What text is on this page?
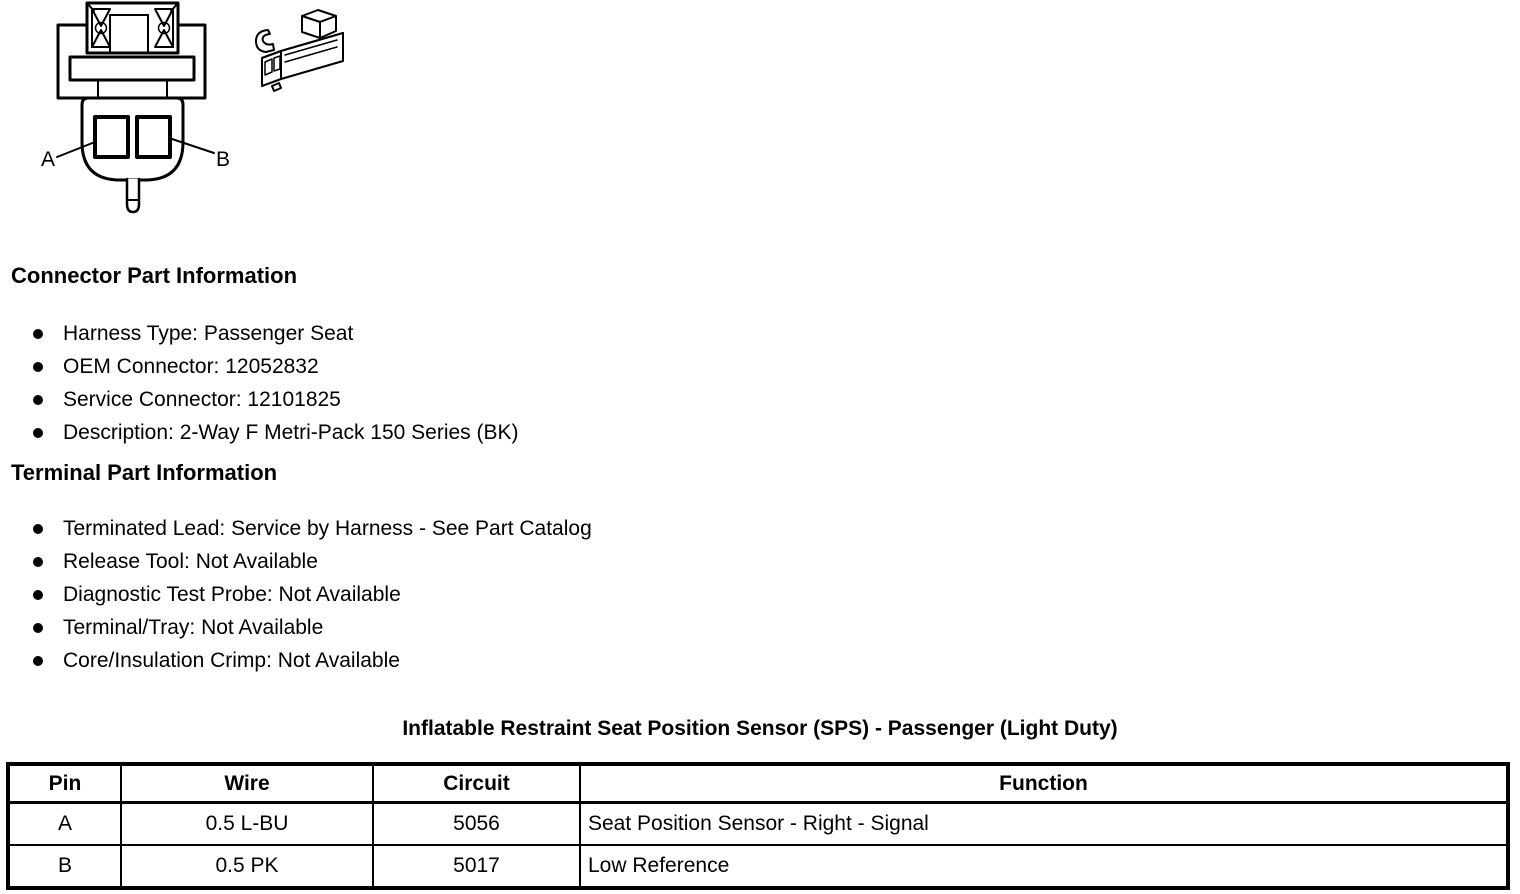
A	B
Connector Part Information
Harness Type: Passenger Seat
OEM Connector: 12052832
Service Connector: 12101825
Description: 2-Way F Metri-Pack 150 Series (BK)
Terminal Part Information
Terminated Lead: Service by Harness - See Part Catalog
Release Tool: Not Available
Diagnostic Test Probe: Not Available
Terminal/Tray: Not Available
Core/Insulation Crimp: Not Available
Inflatable Restraint Seat Position Sensor (SPS) - Passenger (Light Duty)
Pin	Wire	Circuit	Function
A	0.5 L-BU	5056	Seat Position Sensor - Right - Signal
B	0.5 PK	5017	Low Reference
